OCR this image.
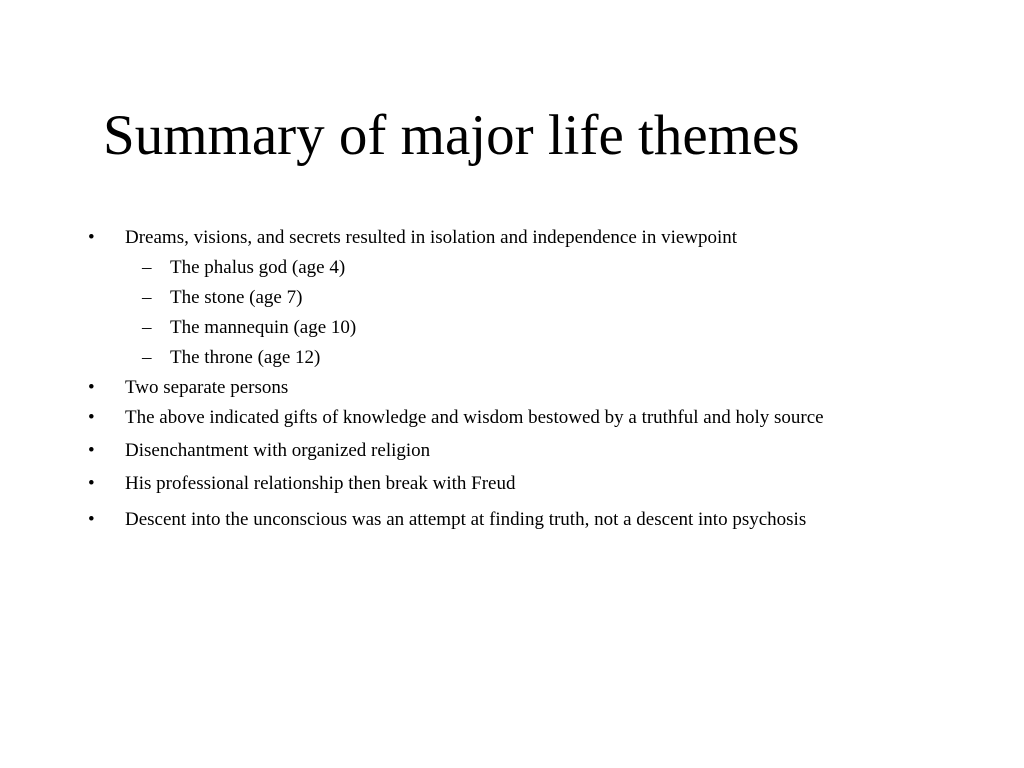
Summary of major life themes
• Dreams, visions, and secrets resulted in isolation and independence in viewpoint
– The phalus god (age 4)
– The stone (age 7)
– The mannequin (age 10)
– The throne (age 12)
• Two separate persons
• The above indicated gifts of knowledge and wisdom bestowed by a truthful and holy source
• Disenchantment with organized religion
• His professional relationship then break with Freud
• Descent into the unconscious was an attempt at finding truth, not a descent into psychosis
